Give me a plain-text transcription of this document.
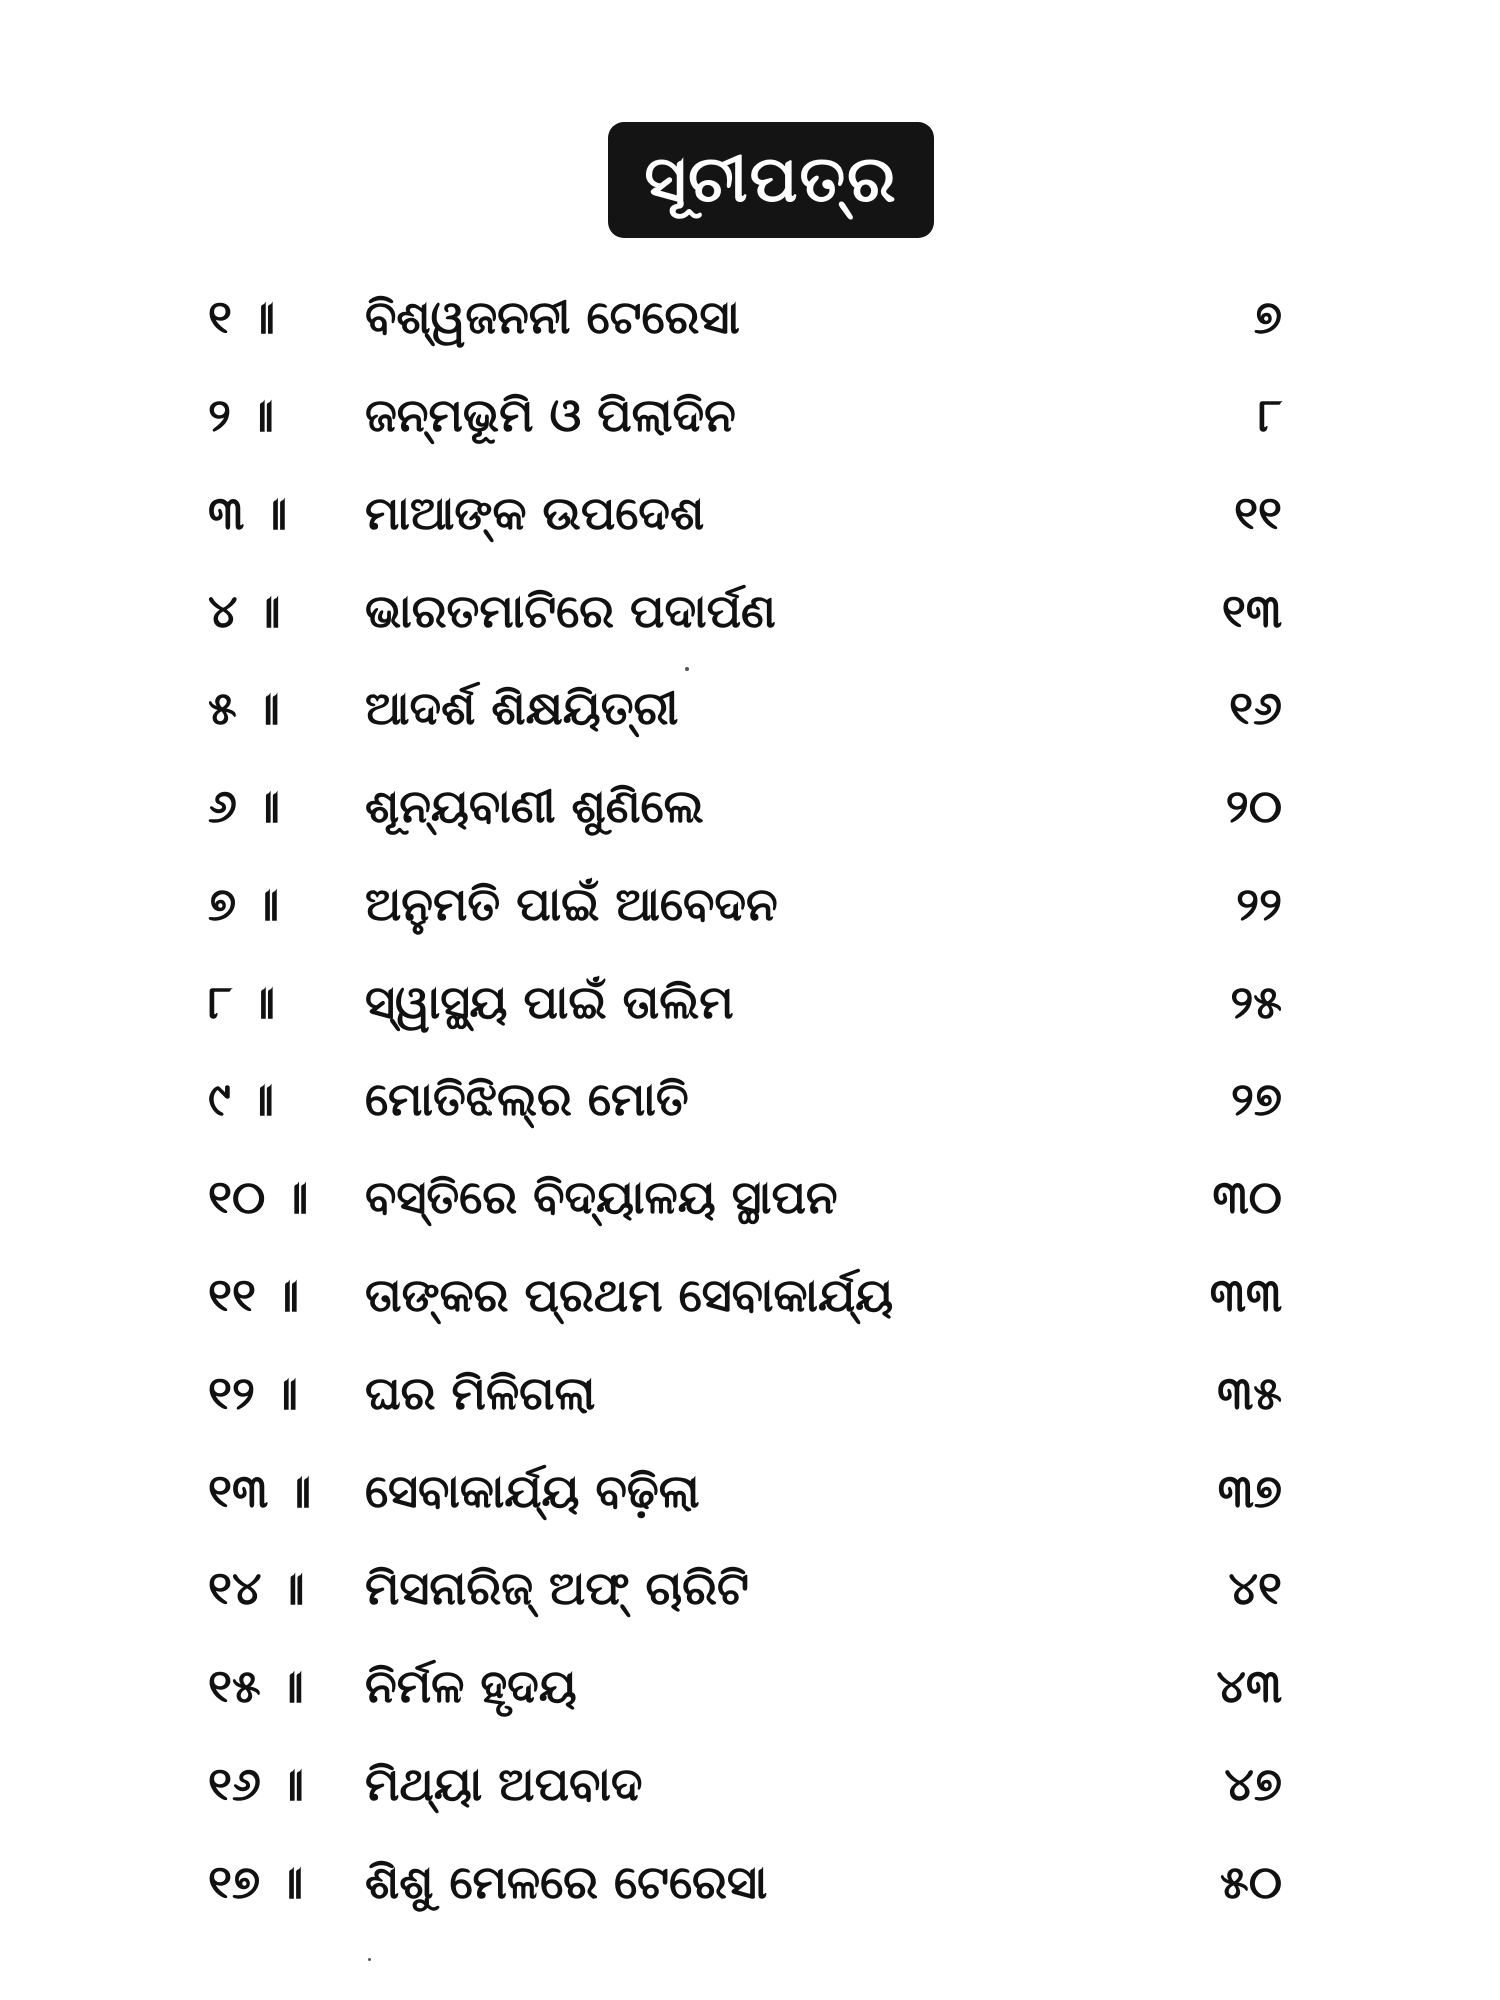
ସୂଚୀପତ୍ର
୧ ॥	ବିଶ୍ୱଜନନୀ ଟେରେସା	୭
୨ ॥	ଜନ୍ମଭୂମି ଓ ପିଲାଦିନ	୮
୩ ॥	ମାଆଙ୍କ ଉପଦେଶ	୧୧
୪ ॥	ଭାରତମାଟିରେ ପଦାର୍ପଣ	୧୩
୫ ॥	ଆଦର୍ଶ ଶିକ୍ଷୟିତ୍ରୀ	୧୬
୬ ॥	ଶୂନ୍ୟବାଣୀ ଶୁଣିଲେ	୨୦
୭ ॥	ଅନୁମତି ପାଇଁ ଆବେଦନ	୨୨
୮ ॥	ସ୍ୱାସ୍ଥ୍ୟ ପାଇଁ ତାଲିମ	୨୫
୯ ॥	ମୋତିଝିଲ୍‌ର ମୋତି	୨୭
୧୦ ॥	ବସ୍ତିରେ ବିଦ୍ୟାଳୟ ସ୍ଥାପନ	୩୦
୧୧ ॥	ତାଙ୍କର ପ୍ରଥମ ସେବାକାର୍ଯ୍ୟ	୩୩
୧୨ ॥	ଘର ମିଳିଗଲା	୩୫
୧୩ ॥	ସେବାକାର୍ଯ୍ୟ ବଢ଼ିଲା	୩୭
୧୪ ॥	ମିସନାରିଜ୍ ଅଫ୍ ଚାରିଟି	୪୧
୧୫ ॥	ନିର୍ମଳ ହୃଦୟ	୪୩
୧୬ ॥	ମିଥ୍ୟା ଅପବାଦ	୪୭
୧୭ ॥	ଶିଶୁ ମେଳରେ ଟେରେସା	୫୦
